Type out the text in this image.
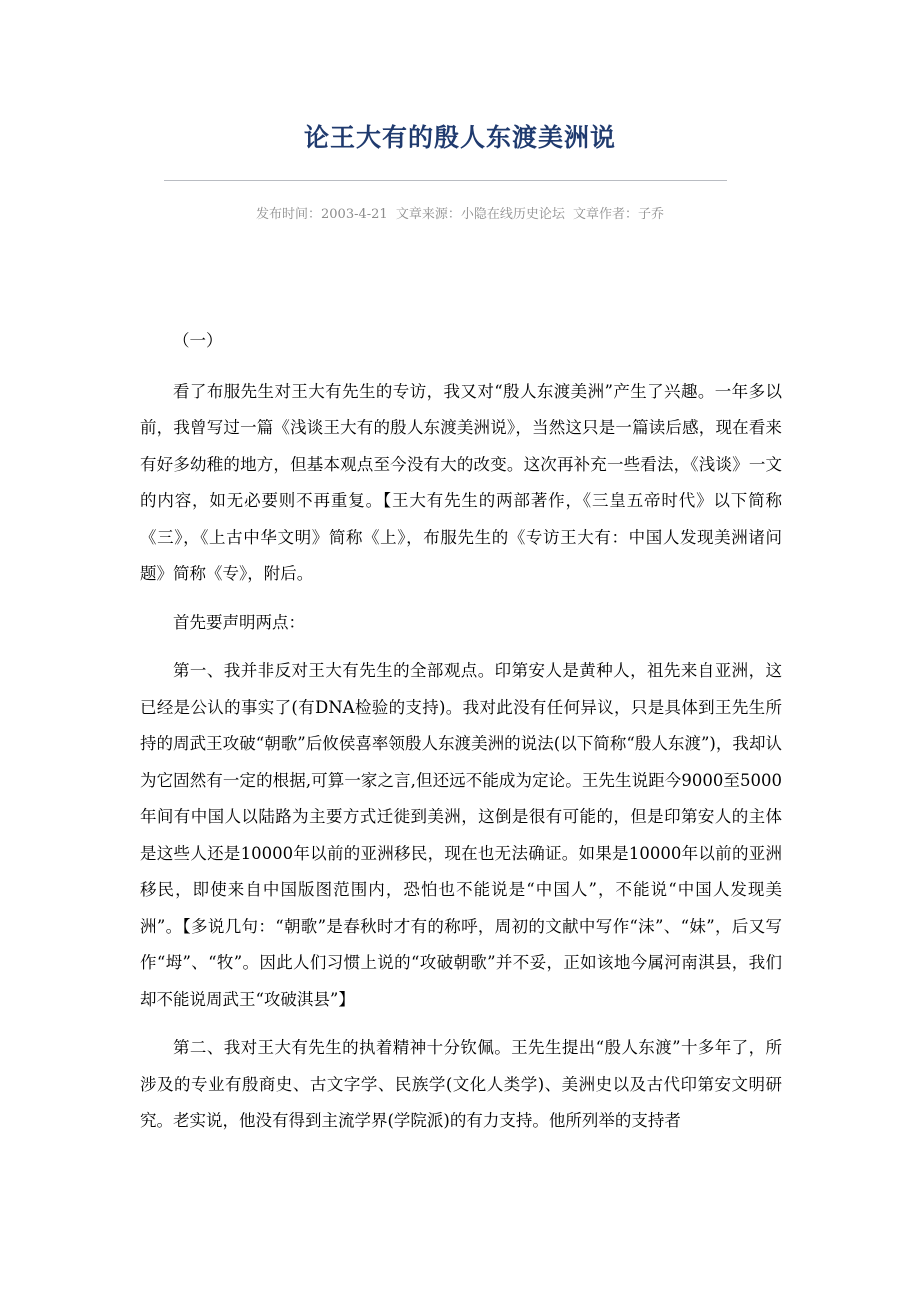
论王大有的殷人东渡美洲说

发布时间：2003-4-21 文章来源：小隐在线历史论坛 文章作者：子乔

（一）

看了布服先生对王大有先生的专访，我又对“殷人东渡美洲”产生了兴趣。一年多以前，我曾写过一篇《浅谈王大有的殷人东渡美洲说》，当然这只是一篇读后感，现在看来有好多幼稚的地方，但基本观点至今没有大的改变。这次再补充一些看法，《浅谈》一文的内容，如无必要则不再重复。【王大有先生的两部著作，《三皇五帝时代》以下简称《三》，《上古中华文明》简称《上》，布服先生的《专访王大有：中国人发现美洲诸问题》简称《专》，附后。

首先要声明两点：

第一、我并非反对王大有先生的全部观点。印第安人是黄种人，祖先来自亚洲，这已经是公认的事实了(有DNA检验的支持)。我对此没有任何异议，只是具体到王先生所持的周武王攻破“朝歌”后攸侯喜率领殷人东渡美洲的说法(以下简称“殷人东渡”)，我却认为它固然有一定的根据,可算一家之言,但还远不能成为定论。王先生说距今9000至5000年间有中国人以陆路为主要方式迁徙到美洲，这倒是很有可能的，但是印第安人的主体是这些人还是10000年以前的亚洲移民，现在也无法确证。如果是10000年以前的亚洲移民，即使来自中国版图范围内，恐怕也不能说是“中国人”，不能说“中国人发现美洲”。【多说几句：“朝歌”是春秋时才有的称呼，周初的文献中写作“沬”、“妹”，后又写作“坶”、“牧”。因此人们习惯上说的“攻破朝歌”并不妥，正如该地今属河南淇县，我们却不能说周武王“攻破淇县”】

第二、我对王大有先生的执着精神十分钦佩。王先生提出“殷人东渡”十多年了，所涉及的专业有殷商史、古文字学、民族学(文化人类学)、美洲史以及古代印第安文明研究。老实说，他没有得到主流学界(学院派)的有力支持。他所列举的支持者
